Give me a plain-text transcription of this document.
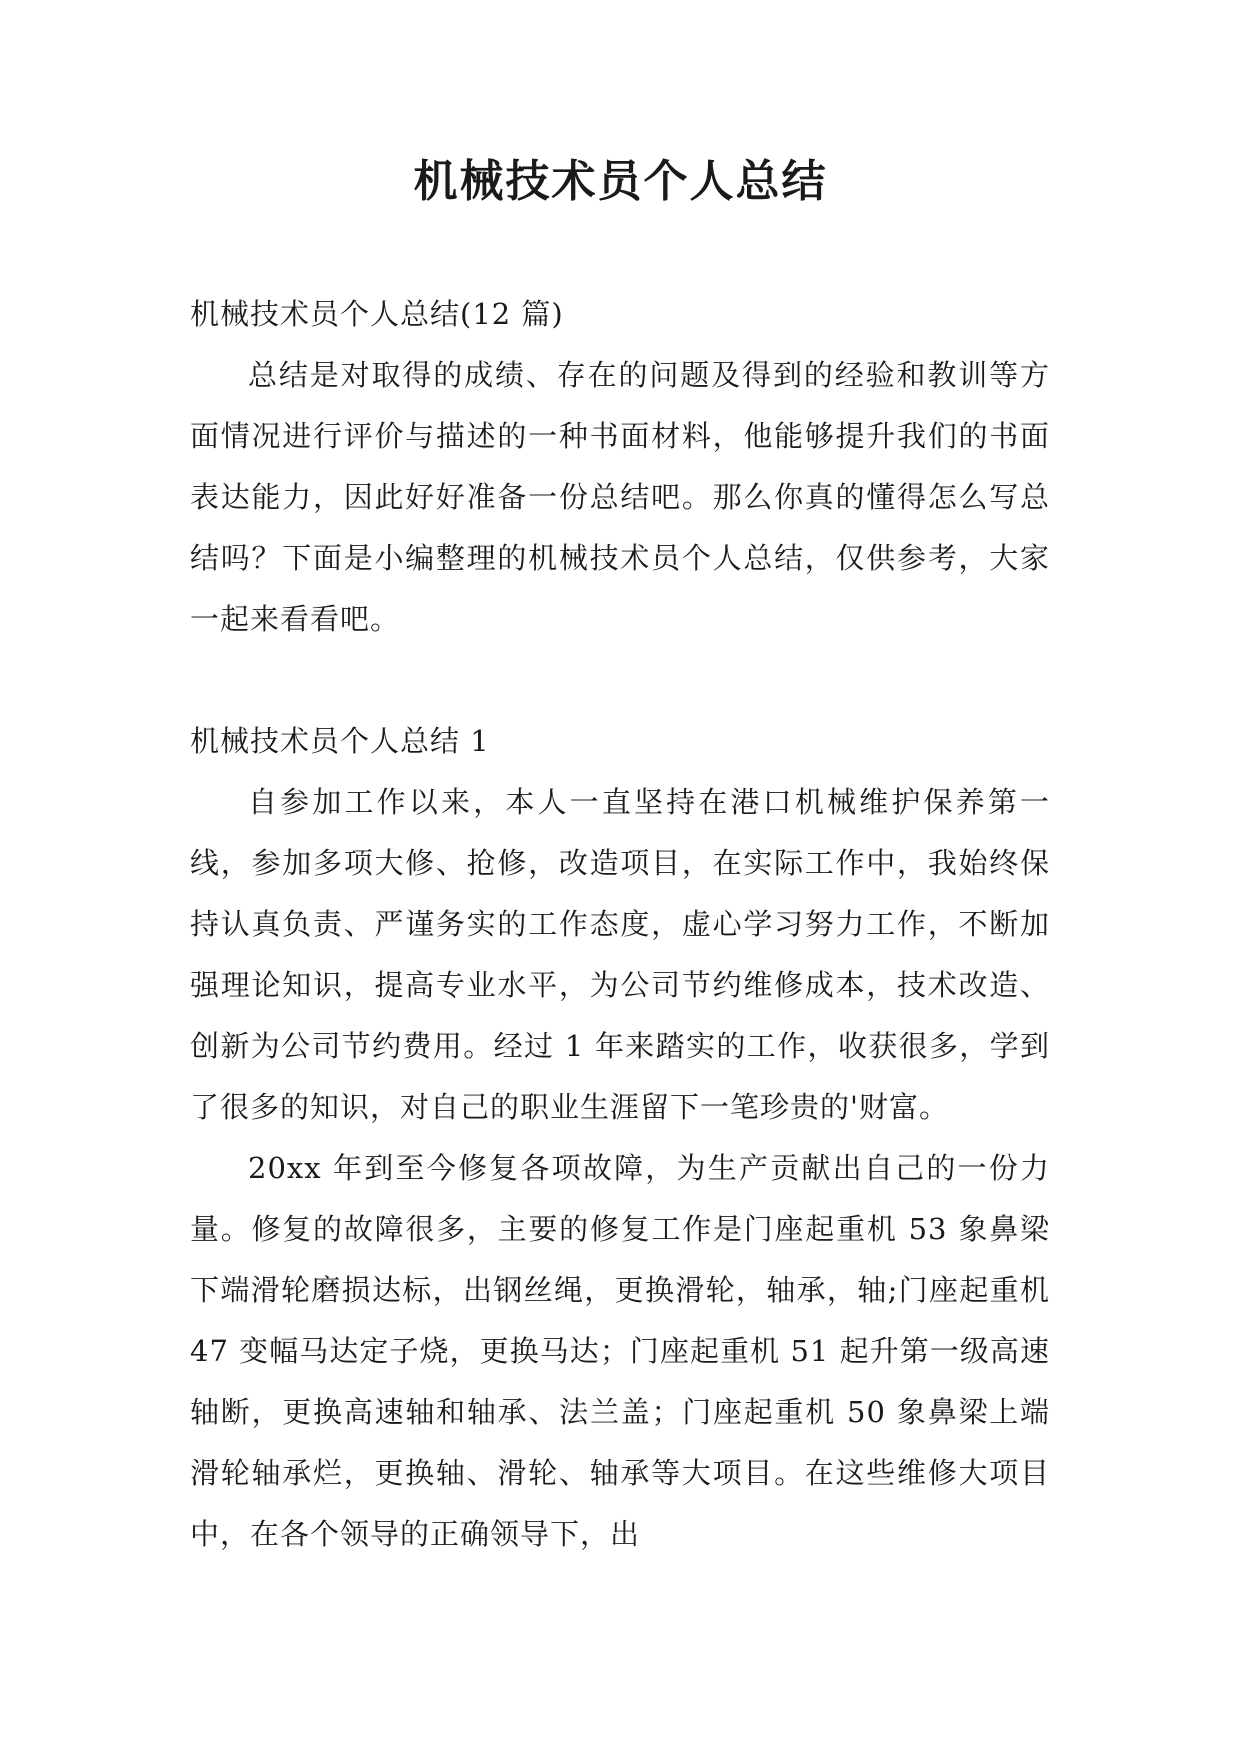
机械技术员个人总结

机械技术员个人总结(12 篇)

总结是对取得的成绩、存在的问题及得到的经验和教训等方面情况进行评价与描述的一种书面材料，他能够提升我们的书面表达能力，因此好好准备一份总结吧。那么你真的懂得怎么写总结吗？下面是小编整理的机械技术员个人总结，仅供参考，大家一起来看看吧。

机械技术员个人总结 1

自参加工作以来，本人一直坚持在港口机械维护保养第一线，参加多项大修、抢修，改造项目，在实际工作中，我始终保持认真负责、严谨务实的工作态度，虚心学习努力工作，不断加强理论知识，提高专业水平，为公司节约维修成本，技术改造、创新为公司节约费用。经过 1 年来踏实的工作，收获很多，学到了很多的知识，对自己的职业生涯留下一笔珍贵的'财富。

20xx 年到至今修复各项故障，为生产贡献出自己的一份力量。修复的故障很多，主要的修复工作是门座起重机 53 象鼻梁下端滑轮磨损达标，出钢丝绳，更换滑轮，轴承，轴;门座起重机 47 变幅马达定子烧，更换马达；门座起重机 51 起升第一级高速轴断，更换高速轴和轴承、法兰盖；门座起重机 50 象鼻梁上端滑轮轴承烂，更换轴、滑轮、轴承等大项目。在这些维修大项目中，在各个领导的正确领导下，出
